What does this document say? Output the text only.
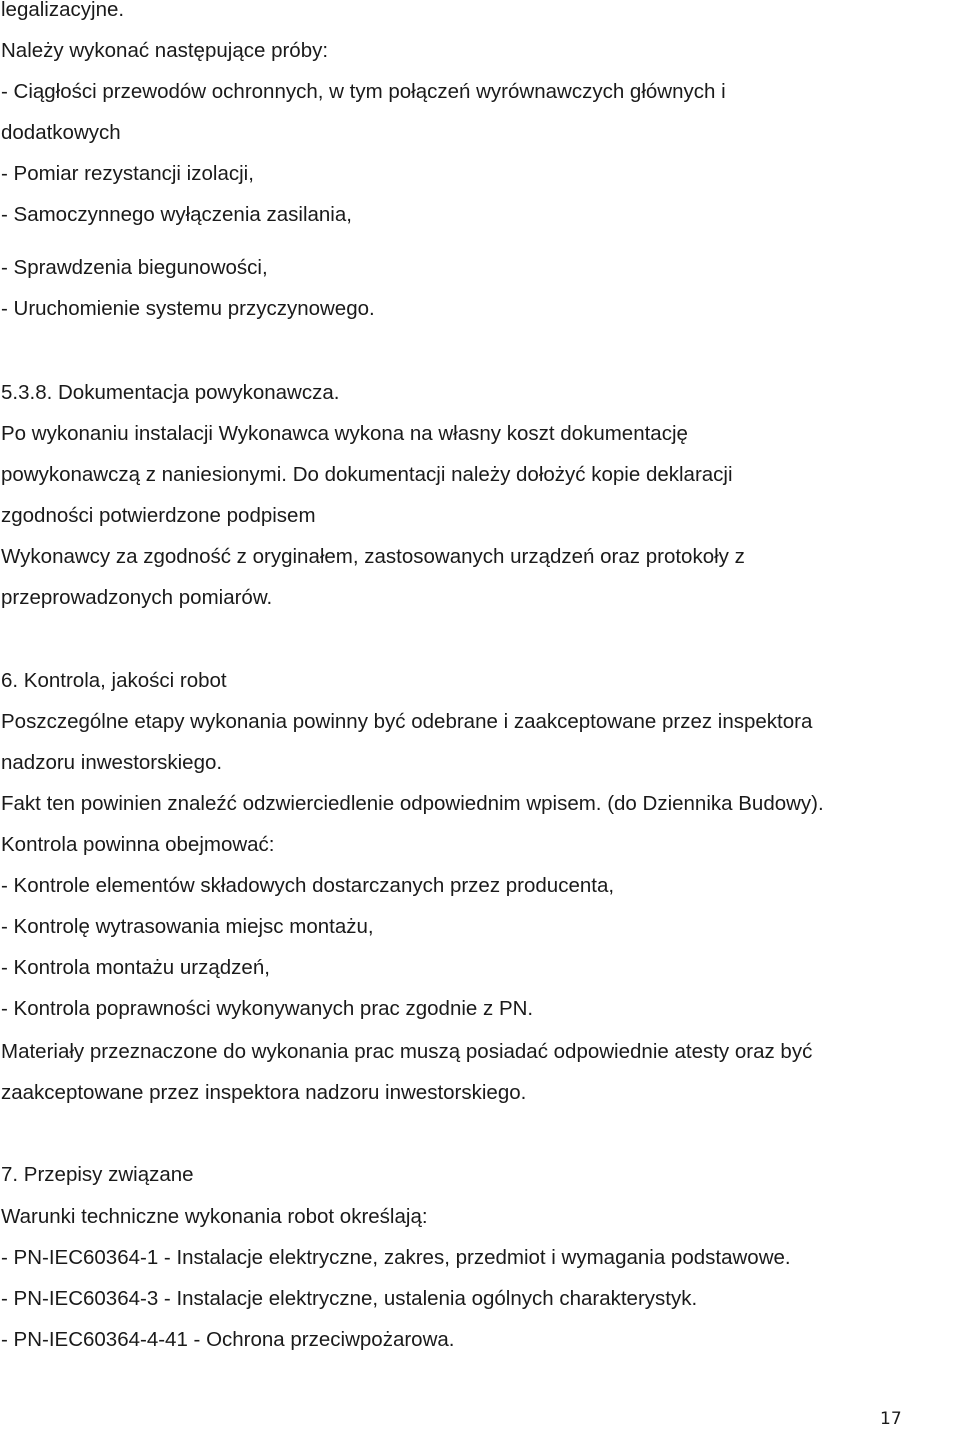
legalizacyjne.
Należy wykonać następujące próby:
- Ciągłości przewodów ochronnych, w tym połączeń wyrównawczych głównych i
dodatkowych
- Pomiar rezystancji izolacji,
- Samoczynnego wyłączenia zasilania,
- Sprawdzenia biegunowości,
- Uruchomienie systemu przyczynowego.
5.3.8. Dokumentacja powykonawcza.
Po wykonaniu instalacji Wykonawca wykona na własny koszt dokumentację
powykonawczą z naniesionymi. Do dokumentacji należy dołożyć kopie deklaracji
zgodności potwierdzone podpisem
Wykonawcy za zgodność z oryginałem, zastosowanych urządzeń oraz protokoły z
przeprowadzonych pomiarów.
6. Kontrola, jakości robot
Poszczególne etapy wykonania powinny być odebrane i zaakceptowane przez inspektora
nadzoru inwestorskiego.
Fakt ten powinien znaleźć odzwierciedlenie odpowiednim wpisem. (do Dziennika Budowy).
Kontrola powinna obejmować:
- Kontrole elementów składowych dostarczanych przez producenta,
- Kontrolę wytrasowania miejsc montażu,
- Kontrola montażu urządzeń,
- Kontrola poprawności wykonywanych prac zgodnie z PN.
Materiały przeznaczone do wykonania prac muszą posiadać odpowiednie atesty oraz być
zaakceptowane przez inspektora nadzoru inwestorskiego.
7. Przepisy związane
Warunki techniczne wykonania robot określają:
- PN-IEC60364-1 - Instalacje elektryczne, zakres, przedmiot i wymagania podstawowe.
- PN-IEC60364-3 - Instalacje elektryczne, ustalenia ogólnych charakterystyk.
- PN-IEC60364-4-41 - Ochrona przeciwpożarowa.
17
